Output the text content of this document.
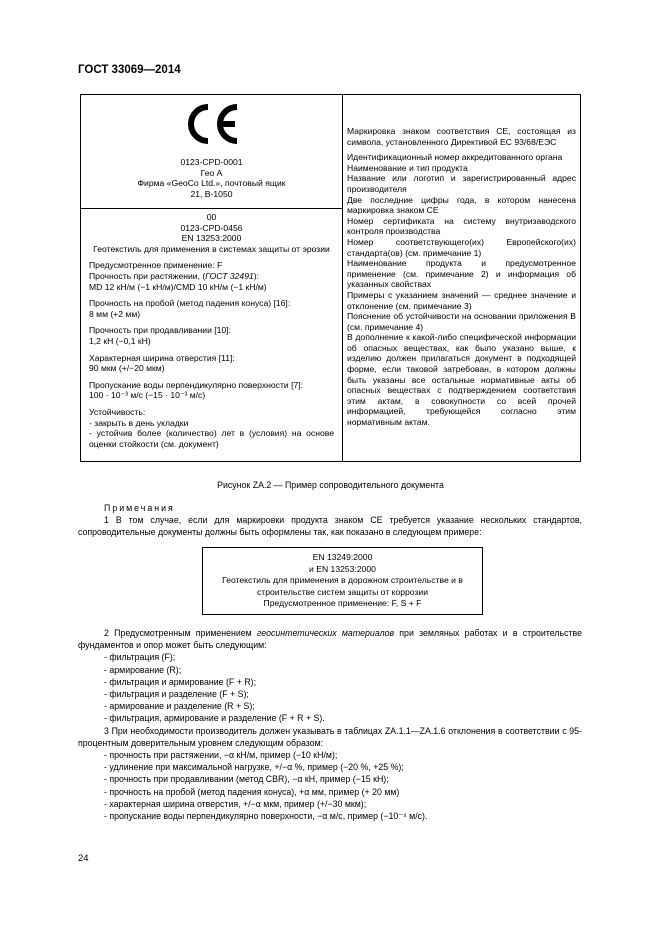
ГОСТ 33069—2014
0123-CPD-0001
Гео А
Фирма «GeoCo Ltd.», почтовый ящик
21, В-1050
00
0123-CPD-0456
EN 13253:2000
Геотекстиль для применения в системах защиты от эрозии
Предусмотренное применение: F
Прочность при растяжении, (ГОСТ 32491):
MD 12 кН/м (−1 кН/м)/CMD 10 кН/м (−1 кН/м)
Прочность на пробой (метод падения конуса) [16]:
8 мм (+2 мм)
Прочность при продавливании [10]:
1,2 кН (−0,1 кН)
Характерная ширина отверстия [11]:
90 мкм (+/−20 мкм)
Пропускание воды перпендикулярно поверхности [7]:
100 · 10⁻³ м/с (−15 · 10⁻³ м/с)
Устойчивость:
- закрыть в день укладки
- устойчив более (количество) лет в (условия) на основе оценки стойкости (см. документ)
Маркировка знаком соответствия СЕ, состоящая из символа, установленного Директивой ЕС 93/68/ЕЭС
Идентификационный номер аккредитованного органа
Наименование и тип продукта
Название или логотип и зарегистрированный адрес производителя
Две последние цифры года, в котором нанесена маркировка знаком СЕ
Номер сертификата на систему внутризаводского контроля производства
Номер соответствующего(их) Европейского(их) стандарта(ов) (см. примечание 1)
Наименование продукта и предусмотренное применение (см. примечание 2) и информация об указанных свойствах
Примеры с указанием значений — среднее значение и отклонение (см. примечание 3)
Пояснение об устойчивости на основании приложения В (см. примечание 4)
В дополнение к какой-либо специфической информации об опасных веществах, как было указано выше, к изделию должен прилагаться документ в подходящей форме, если таковой затребован, в котором должны быть указаны все остальные нормативные акты об опасных веществах с подтверждением соответствия этим актам, в совокупности со всей прочей информацией, требующейся согласно этим нормативным актам.
Рисунок ZA.2 — Пример сопроводительного документа

Примечания

1 В том случае, если для маркировки продукта знаком СЕ требуется указание нескольких стандартов, сопроводительные документы должны быть оформлены так, как показано в следующем примере:

EN 13249:2000
и EN 13253:2000
Геотекстиль для применения в дорожном строительстве и в строительстве систем защиты от коррозии
Предусмотренное применение: F, S + F

2 Предусмотренным применением геосинтетических материалов при земляных работах и в строительстве фундаментов и опор может быть следующим:

- фильтрация (F);

- армирование (R);

- фильтрация и армирование (F + R);

- фильтрация и разделение (F + S);

- армирование и разделение (R + S);

- фильтрация, армирование и разделение (F + R + S).

3 При необходимости производитель должен указывать в таблицах ZA.1.1—ZA.1.6 отклонения в соответствии с 95-процентным доверительным уровнем следующим образом:

- прочность при растяжении, −α кН/м, пример (−10 кН/м);

- удлинение при максимальной нагрузке, +/−α %, пример (−20 %, +25 %);

- прочность при продавливании (метод CBR), −α кН, пример (−15 кН);

- прочность на пробой (метод падения конуса), +α мм, пример (+ 20 мм)

- характерная ширина отверстия, +/−α мкм, пример (+/−30 мкм);

- пропускание воды перпендикулярно поверхности, −α м/с, пример (−10⁻⁴ м/с).

24
